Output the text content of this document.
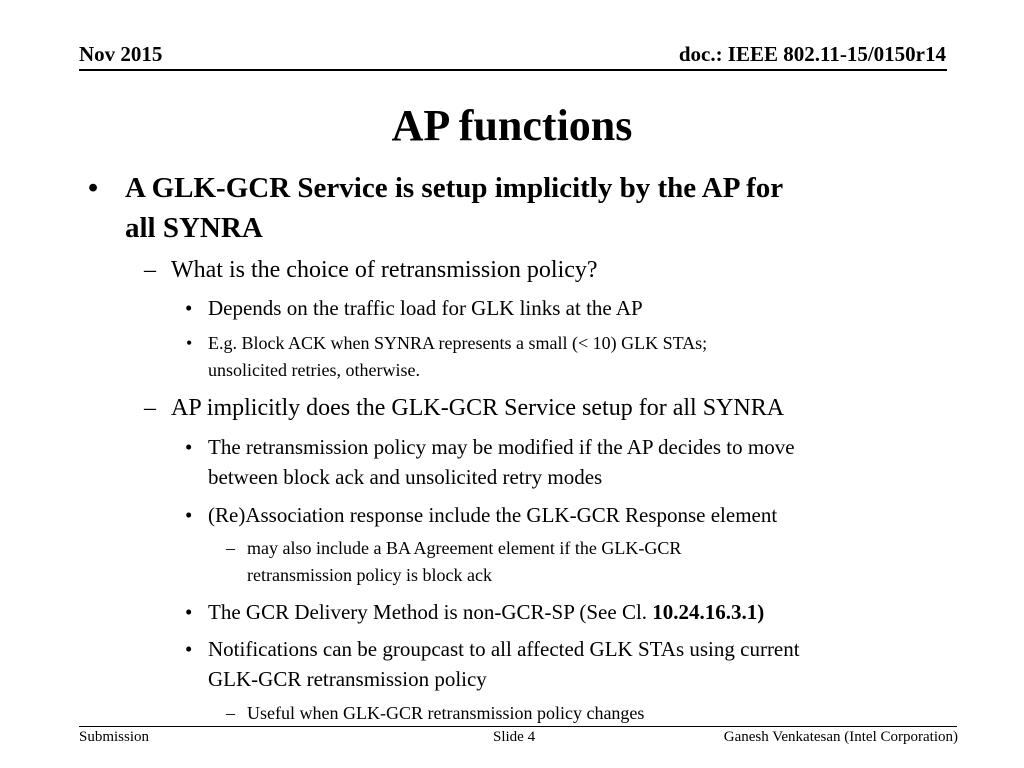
Nov 2015	doc.: IEEE 802.11-15/0150r14
AP functions
• A GLK-GCR Service is setup implicitly by the AP for
all SYNRA
– What is the choice of retransmission policy?
• Depends on the traffic load for GLK links at the AP
• E.g. Block ACK when SYNRA represents a small (< 10) GLK STAs;
unsolicited retries, otherwise.
– AP implicitly does the GLK-GCR Service setup for all SYNRA
• The retransmission policy may be modified if the AP decides to move
between block ack and unsolicited retry modes
• (Re)Association response include the GLK-GCR Response element
– may also include a BA Agreement element if the GLK-GCR
retransmission policy is block ack
• The GCR Delivery Method is non-GCR-SP (See Cl. 10.24.16.3.1)
• Notifications can be groupcast to all affected GLK STAs using current
GLK-GCR retransmission policy
– Useful when GLK-GCR retransmission policy changes
Submission	Slide 4	Ganesh Venkatesan (Intel Corporation)
